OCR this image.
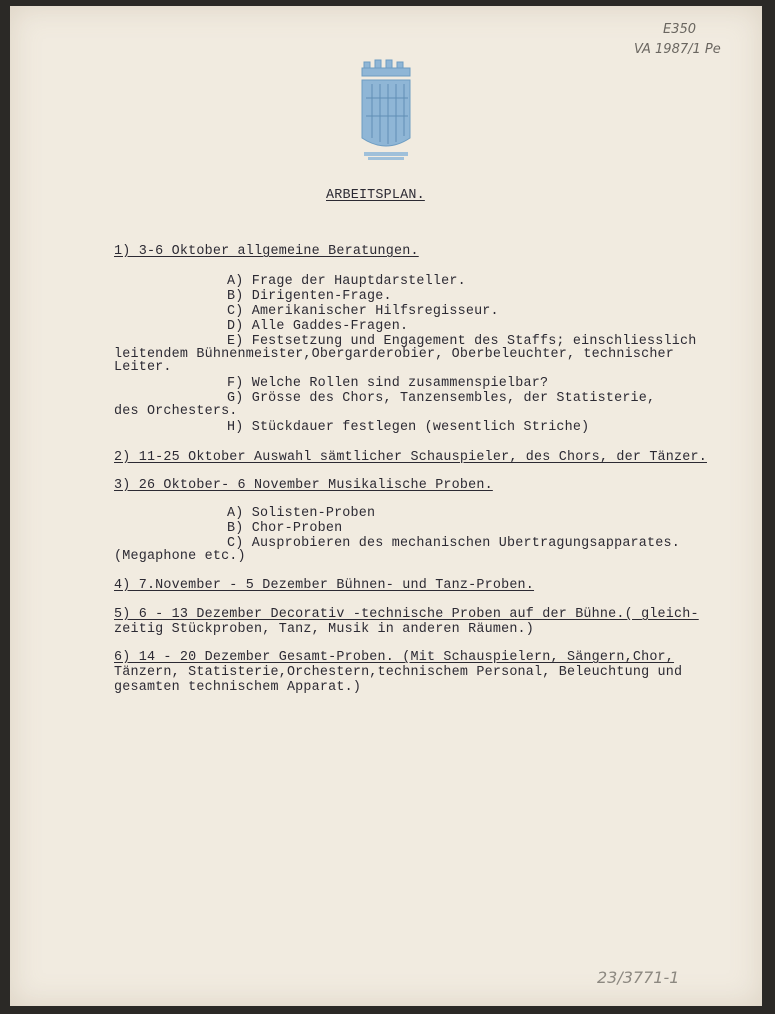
E350
VA 1987/1 Pe
ARBEITSPLAN.
1) 3-6 Oktober allgemeine Beratungen.
A) Frage der Hauptdarsteller.
B) Dirigenten-Frage.
C) Amerikanischer Hilfsregisseur.
D) Alle Gaddes-Fragen.
E) Festsetzung und Engagement des Staffs; einschliesslich
leitendem Bühnenmeister,Obergarderobier, Oberbeleuchter, technischer
Leiter.
F) Welche Rollen sind zusammenspielbar?
G) Grösse des Chors, Tanzensembles, der Statisterie,
des Orchesters.
H) Stückdauer festlegen (wesentlich Striche)
2) 11-25 Oktober Auswahl sämtlicher Schauspieler, des Chors, der Tänzer.
3) 26 Oktober- 6 November Musikalische Proben.
A) Solisten-Proben
B) Chor-Proben
C) Ausprobieren des mechanischen Ubertragungsapparates.
(Megaphone etc.)
4) 7.November - 5 Dezember Bühnen- und Tanz-Proben.
5) 6 - 13 Dezember Decorativ -technische Proben auf der Bühne.( gleich-
zeitig Stückproben, Tanz, Musik in anderen Räumen.)
6) 14 - 20 Dezember Gesamt-Proben. (Mit Schauspielern, Sängern,Chor,
Tänzern, Statisterie,Orchestern,technischem Personal, Beleuchtung und
gesamten technischem Apparat.)
23/3771-1
